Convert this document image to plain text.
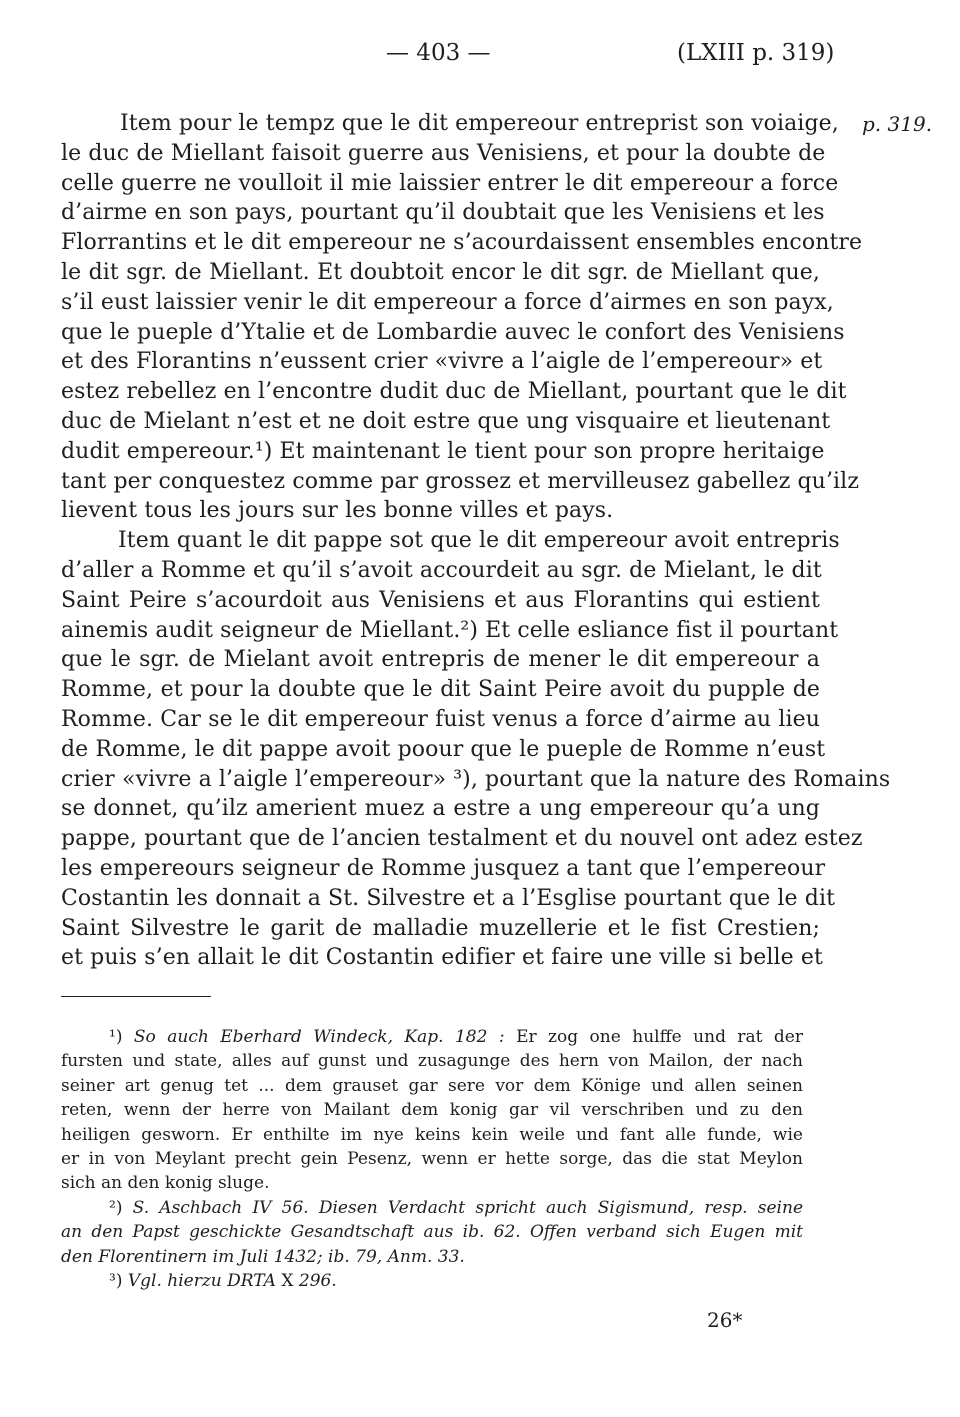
— 403 —	(LXIII p. 319)
p. 319.
Item pour le tempz que le dit empereour entreprist son voiaige,
le duc de Miellant faisoit guerre aus Venisiens, et pour la doubte de
celle guerre ne voulloit il mie laissier entrer le dit empereour a force
d’airme en son pays, pourtant qu’il doubtait que les Venisiens et les
Florrantins et le dit empereour ne s’acourdaissent ensembles encontre
le dit sgr. de Miellant. Et doubtoit encor le dit sgr. de Miellant que,
s’il eust laissier venir le dit empereour a force d’airmes en son payx,
que le pueple d’Ytalie et de Lombardie auvec le confort des Venisiens
et des Florantins n’eussent crier «vivre a l’aigle de l’empereour» et
estez rebellez en l’encontre dudit duc de Miellant, pourtant que le dit
duc de Mielant n’est et ne doit estre que ung visquaire et lieutenant
dudit empereour.¹) Et maintenant le tient pour son propre heritaige
tant per conquestez comme par grossez et mervilleusez gabellez qu’ilz
lievent tous les jours sur les bonne villes et pays.
Item quant le dit pappe sot que le dit empereour avoit entrepris
d’aller a Romme et qu’il s’avoit accourdeit au sgr. de Mielant, le dit
Saint Peire s’acourdoit aus Venisiens et aus Florantins qui estient
ainemis audit seigneur de Miellant.²) Et celle esliance fist il pourtant
que le sgr. de Mielant avoit entrepris de mener le dit empereour a
Romme, et pour la doubte que le dit Saint Peire avoit du pupple de
Romme. Car se le dit empereour fuist venus a force d’airme au lieu
de Romme, le dit pappe avoit poour que le pueple de Romme n’eust
crier «vivre a l’aigle l’empereour» ³), pourtant que la nature des Romains
se donnet, qu’ilz amerient muez a estre a ung empereour qu’a ung
pappe, pourtant que de l’ancien testalment et du nouvel ont adez estez
les empereours seigneur de Romme jusquez a tant que l’empereour
Costantin les donnait a St. Silvestre et a l’Esglise pourtant que le dit
Saint Silvestre le garit de malladie muzellerie et le fist Crestien;
et puis s’en allait le dit Costantin edifier et faire une ville si belle et
¹) So auch Eberhard Windeck, Kap. 182 : Er zog one hulffe und rat der
fursten und state, alles auf gunst und zusagunge des hern von Mailon, der nach
seiner art genug tet ... dem grauset gar sere vor dem Könige und allen seinen
reten, wenn der herre von Mailant dem konig gar vil verschriben und zu den
heiligen gesworn. Er enthilte im nye keins kein weile und fant alle funde, wie
er in von Meylant precht gein Pesenz, wenn er hette sorge, das die stat Meylon
sich an den konig sluge.
²) S. Aschbach IV 56. Diesen Verdacht spricht auch Sigismund, resp. seine
an den Papst geschickte Gesandtschaft aus ib. 62. Offen verband sich Eugen mit
den Florentinern im Juli 1432; ib. 79, Anm. 33.
³) Vgl. hierzu DRTA X 296.
26*
